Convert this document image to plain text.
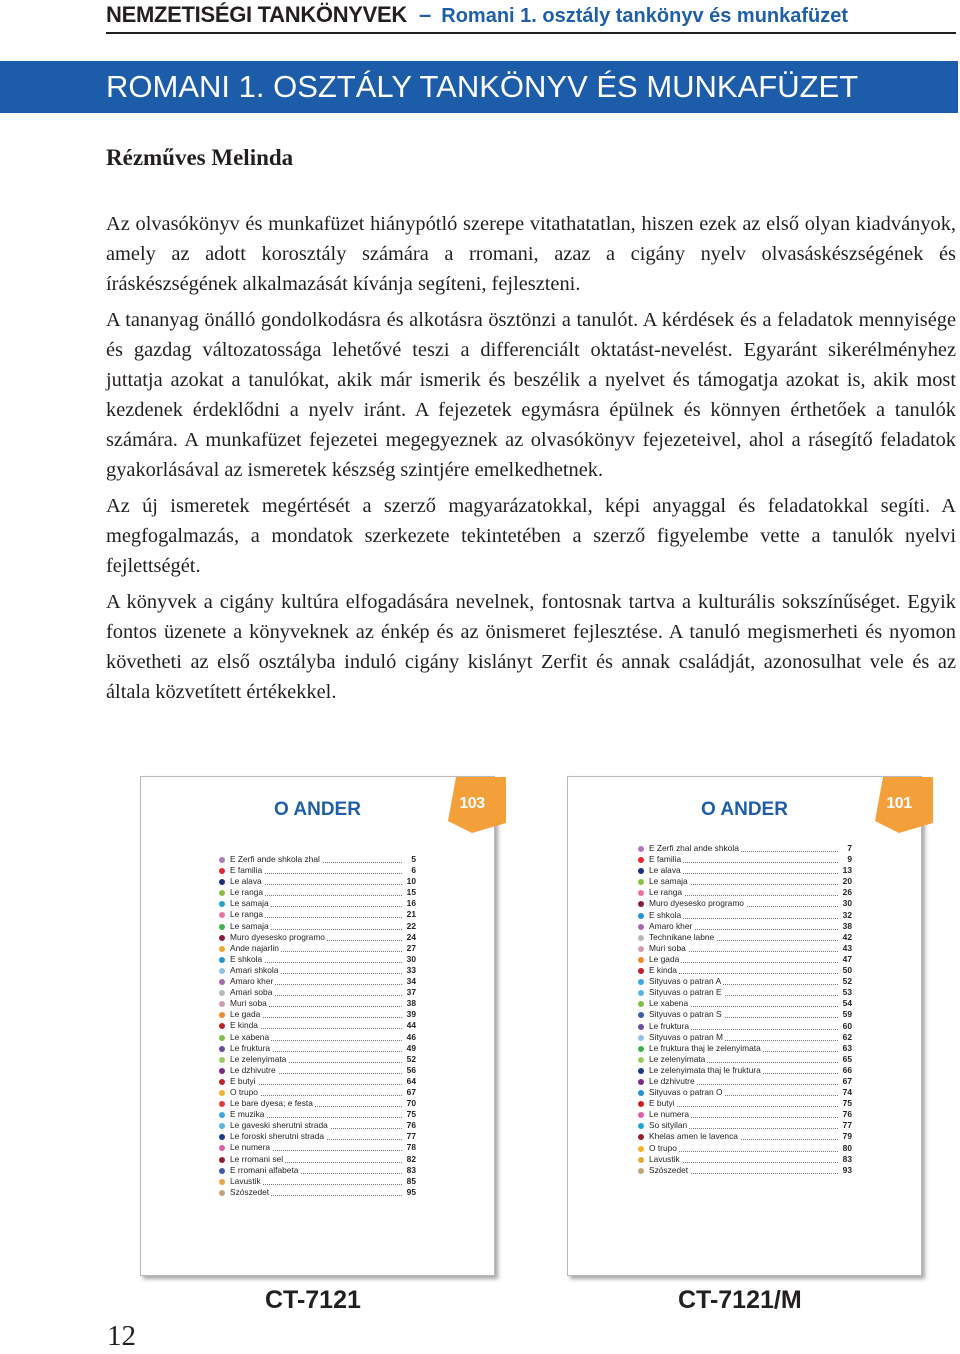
NEMZETISÉGI TANKÖNYVEK – Romani 1. osztály tankönyv és munkafüzet
ROMANI 1. OSZTÁLY TANKÖNYV ÉS MUNKAFÜZET
Rézműves Melinda

Az olvasókönyv és munkafüzet hiánypótló szerepe vitathatatlan, hiszen ezek az első olyan kiadványok, amely az adott korosztály számára a rromani, azaz a cigány nyelv olvasáskészségének és íráskészségének alkalmazását kívánja segíteni, fejleszteni.

A tananyag önálló gondolkodásra és alkotásra ösztönzi a tanulót. A kérdések és a feladatok mennyisége és gazdag változatossága lehetővé teszi a differenciált oktatást-nevelést. Egyaránt sikerélményhez juttatja azokat a tanulókat, akik már ismerik és beszélik a nyelvet és támogatja azokat is, akik most kezdenek érdeklődni a nyelv iránt. A fejezetek egymásra épülnek és könnyen érthetőek a tanulók számára. A munkafüzet fejezetei megegyeznek az olvasókönyv fejezeteivel, ahol a rásegítő feladatok gyakorlásával az ismeretek készség szintjére emelkedhetnek.

Az új ismeretek megértését a szerző magyarázatokkal, képi anyaggal és feladatokkal segíti. A megfogalmazás, a mondatok szerkezete tekintetében a szerző figyelembe vette a tanulók nyelvi fejlettségét.

A könyvek a cigány kultúra elfogadására nevelnek, fontosnak tartva a kulturális sokszínűséget. Egyik fontos üzenete a könyveknek az énkép és az önismeret fejlesztése. A tanuló megismerheti és nyomon követheti az első osztályba induló cigány kislányt Zerfit és annak családját, azonosulhat vele és az általa közvetített értékekkel.

O ANDER	103
E Zerfi ande shkola zhal	5
E familia	6
Le alava	10
Le ranga	15
Le samaja	16
Le ranga	21
Le samaja	22
Muro dyesesko programo	24
Ande najarlin	27
E shkola	30
Amari shkola	33
Amaro kher	34
Amari soba	37
Muri soba	38
Le gada	39
E kinda	44
Le xabena	46
Le fruktura	49
Le zelenyimata	52
Le dzhivutre	56
E butyi	64
O trupo	67
Le bare dyesa; e festa	70
E muzika	75
Le gaveski sherutni strada	76
Le foroski sherutni strada	77
Le numera	78
Le rromani sel	82
E rromani alfabeta	83
Lavustik	85
Szószedet	95
O ANDER	101
E Zerfi zhal ande shkola	7
E familia	9
Le alava	13
Le samaja	20
Le ranga	26
Muro dyesesko programo	30
E shkola	32
Amaro kher	38
Technikane labne	42
Muri soba	43
Le gada	47
E kinda	50
Sityuvas o patran A	52
Sityuvas o patran E	53
Le xabena	54
Sityuvas o patran S	59
Le fruktura	60
Sityuvas o patran M	62
Le fruktura thaj le zelenyimata	63
Le zelenyimata	65
Le zelenyimata thaj le fruktura	66
Le dzhivutre	67
Sityuvas o patran O	74
E butyi	75
Le numera	76
So sityilan	77
Khelas amen le lavenca	79
O trupo	80
Lavustik	83
Szószedet	93
CT-7121	CT-7121/M
12
